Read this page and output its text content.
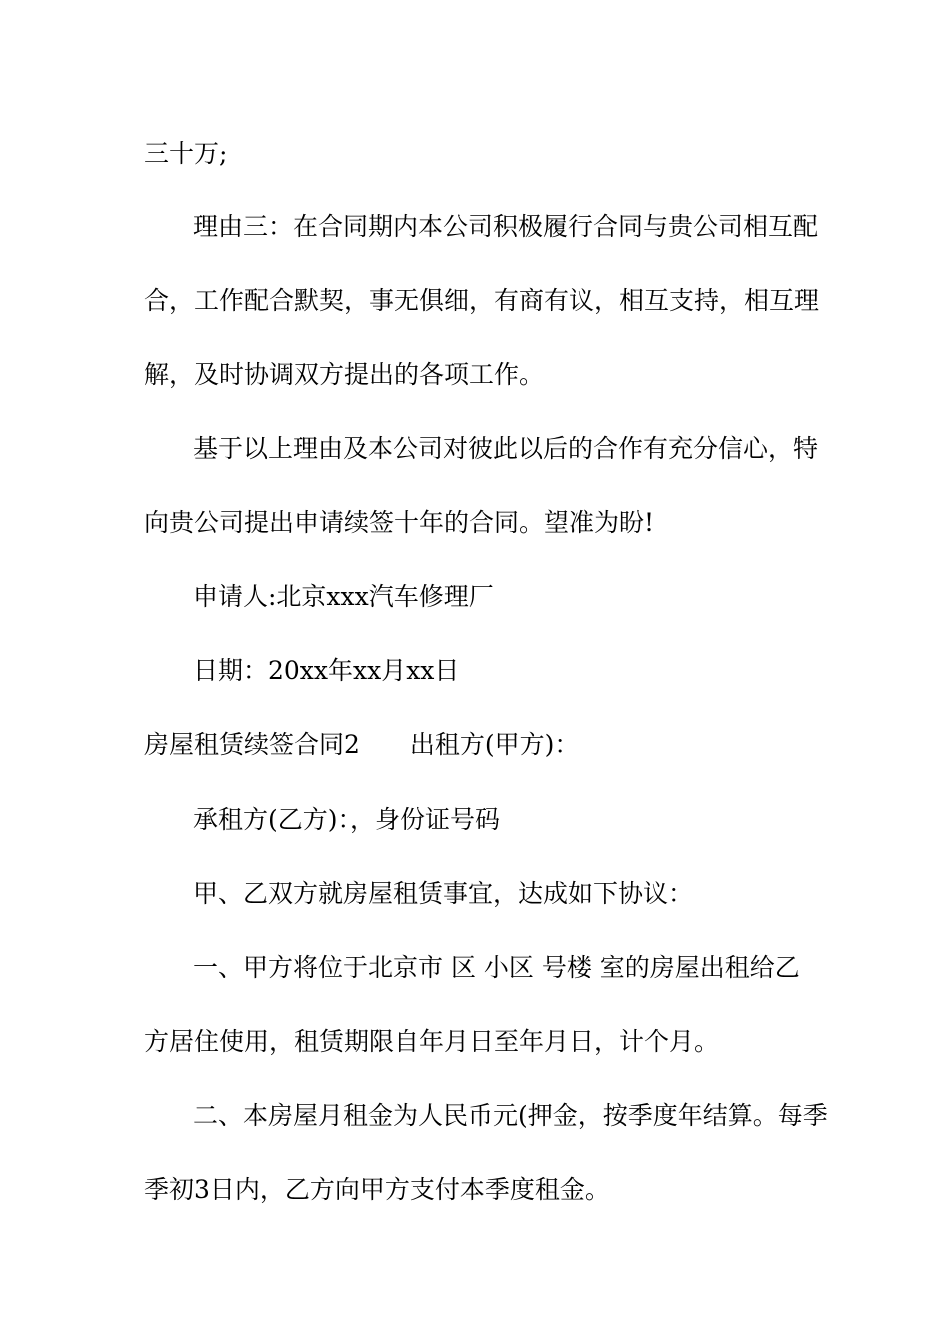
三十万;
理由三：在合同期内本公司积极履行合同与贵公司相互配
合，工作配合默契，事无俱细，有商有议，相互支持，相互理
解，及时协调双方提出的各项工作。
基于以上理由及本公司对彼此以后的合作有充分信心，特
向贵公司提出申请续签十年的合同。望准为盼!
申请人:北京xxx汽车修理厂
日期：20xx年xx月xx日
房屋租赁续签合同2　　出租方(甲方)：
承租方(乙方)：，身份证号码
甲、乙双方就房屋租赁事宜，达成如下协议：
一、甲方将位于北京市 区 小区 号楼 室的房屋出租给乙
方居住使用，租赁期限自年月日至年月日，计个月。
二、本房屋月租金为人民币元(押金，按季度年结算。每季
季初3日内，乙方向甲方支付本季度租金。
